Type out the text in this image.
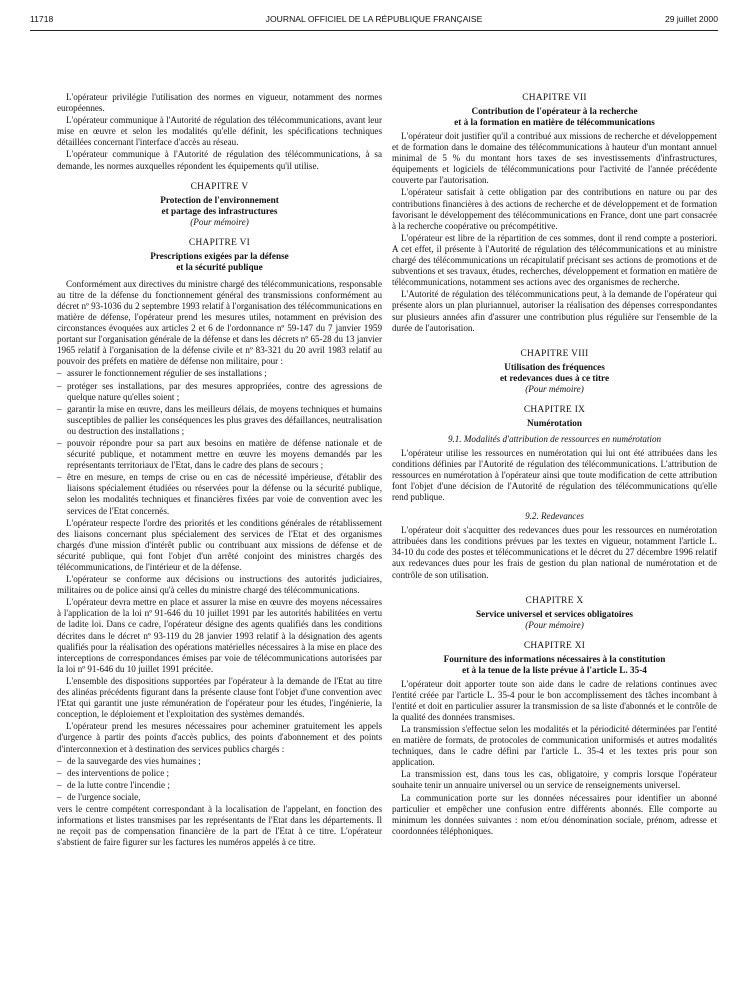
11718	JOURNAL OFFICIEL DE LA RÉPUBLIQUE FRANÇAISE	29 juillet 2000

L'opérateur privilégie l'utilisation des normes en vigueur, notamment des normes européennes.

L'opérateur communique à l'Autorité de régulation des télécommunications, avant leur mise en œuvre et selon les modalités qu'elle définit, les spécifications techniques détaillées concernant l'interface d'accès au réseau.

L'opérateur communique à l'Autorité de régulation des télécommunications, à sa demande, les normes auxquelles répondent les équipements qu'il utilise.

CHAPITRE V
Protection de l'environnement
et partage des infrastructures
(Pour mémoire)
CHAPITRE VI
Prescriptions exigées par la défense
et la sécurité publique

Conformément aux directives du ministre chargé des télécommunications, responsable au titre de la défense du fonctionnement général des transmissions conformément au décret nº 93-1036 du 2 septembre 1993 relatif à l'organisation des télécommunications en matière de défense, l'opérateur prend les mesures utiles, notamment en prévision des circonstances évoquées aux articles 2 et 6 de l'ordonnance nº 59-147 du 7 janvier 1959 portant sur l'organisation générale de la défense et dans les décrets nº 65-28 du 13 janvier 1965 relatif à l'organisation de la défense civile et nº 83-321 du 20 avril 1983 relatif au pouvoir des préfets en matière de défense non militaire, pour :

– assurer le fonctionnement régulier de ses installations ;

– protéger ses installations, par des mesures appropriées, contre des agressions de quelque nature qu'elles soient ;

– garantir la mise en œuvre, dans les meilleurs délais, de moyens techniques et humains susceptibles de pallier les conséquences les plus graves des défaillances, neutralisation ou destruction des installations ;

– pouvoir répondre pour sa part aux besoins en matière de défense nationale et de sécurité publique, et notamment mettre en œuvre les moyens demandés par les représentants territoriaux de l'Etat, dans le cadre des plans de secours ;

– être en mesure, en temps de crise ou en cas de nécessité impérieuse, d'établir des liaisons spécialement étudiées ou réservées pour la défense ou la sécurité publique, selon les modalités techniques et financières fixées par voie de convention avec les services de l'Etat concernés.

L'opérateur respecte l'ordre des priorités et les conditions générales de rétablissement des liaisons concernant plus spécialement des services de l'Etat et des organismes chargés d'une mission d'intérêt public ou contribuant aux missions de défense et de sécurité publique, qui font l'objet d'un arrêté conjoint des ministres chargés des télécommunications, de l'intérieur et de la défense.

L'opérateur se conforme aux décisions ou instructions des autorités judiciaires, militaires ou de police ainsi qu'à celles du ministre chargé des télécommunications.

L'opérateur devra mettre en place et assurer la mise en œuvre des moyens nécessaires à l'application de la loi nº 91-646 du 10 juillet 1991 par les autorités habilitées en vertu de ladite loi. Dans ce cadre, l'opérateur désigne des agents qualifiés dans les conditions décrites dans le décret nº 93-119 du 28 janvier 1993 relatif à la désignation des agents qualifiés pour la réalisation des opérations matérielles nécessaires à la mise en place des interceptions de correspondances émises par voie de télécommunications autorisées par la loi nº 91-646 du 10 juillet 1991 précitée.

L'ensemble des dispositions supportées par l'opérateur à la demande de l'Etat au titre des alinéas précédents figurant dans la présente clause font l'objet d'une convention avec l'Etat qui garantit une juste rémunération de l'opérateur pour les études, l'ingénierie, la conception, le déploiement et l'exploitation des systèmes demandés.

L'opérateur prend les mesures nécessaires pour acheminer gratuitement les appels d'urgence à partir des points d'accès publics, des points d'abonnement et des points d'interconnexion et à destination des services publics chargés :

– de la sauvegarde des vies humaines ;

– des interventions de police ;

– de la lutte contre l'incendie ;

– de l'urgence sociale,

vers le centre compétent correspondant à la localisation de l'appelant, en fonction des informations et listes transmises par les représentants de l'Etat dans les départements. Il ne reçoit pas de compensation financière de la part de l'Etat à ce titre. L'opérateur s'abstient de faire figurer sur les factures les numéros appelés à ce titre.

CHAPITRE VII
Contribution de l'opérateur à la recherche
et à la formation en matière de télécommunications

L'opérateur doit justifier qu'il a contribué aux missions de recherche et développement et de formation dans le domaine des télécommunications à hauteur d'un montant annuel minimal de 5 % du montant hors taxes de ses investissements d'infrastructures, équipements et logiciels de télécommunications pour l'activité de l'année précédente couverte par l'autorisation.

L'opérateur satisfait à cette obligation par des contributions en nature ou par des contributions financières à des actions de recherche et de développement et de formation favorisant le développement des télécommunications en France, dont une part consacrée à la recherche coopérative ou précompétitive.

L'opérateur est libre de la répartition de ces sommes, dont il rend compte a posteriori. A cet effet, il présente à l'Autorité de régulation des télécommunications et au ministre chargé des télécommunications un récapitulatif précisant ses actions de promotions et de subventions et ses travaux, études, recherches, développement et formation en matière de télécommunications, notamment ses actions avec des organismes de recherche.

L'Autorité de régulation des télécommunications peut, à la demande de l'opérateur qui présente alors un plan pluriannuel, autoriser la réalisation des dépenses correspondantes sur plusieurs années afin d'assurer une contribution plus régulière sur l'ensemble de la durée de l'autorisation.

CHAPITRE VIII
Utilisation des fréquences
et redevances dues à ce titre
(Pour mémoire)
CHAPITRE IX
Numérotation
9.1. Modalités d'attribution de ressources en numérotation

L'opérateur utilise les ressources en numérotation qui lui ont été attribuées dans les conditions définies par l'Autorité de régulation des télécommunications. L'attribution de ressources en numérotation à l'opérateur ainsi que toute modification de cette attribution font l'objet d'une décision de l'Autorité de régulation des télécommunications qu'elle rend publique.

9.2. Redevances

L'opérateur doit s'acquitter des redevances dues pour les ressources en numérotation attribuées dans les conditions prévues par les textes en vigueur, notamment l'article L. 34-10 du code des postes et télécommunications et le décret du 27 décembre 1996 relatif aux redevances dues pour les frais de gestion du plan national de numérotation et de contrôle de son utilisation.

CHAPITRE X
Service universel et services obligatoires
(Pour mémoire)
CHAPITRE XI
Fourniture des informations nécessaires à la constitution
et à la tenue de la liste prévue à l'article L. 35-4

L'opérateur doit apporter toute son aide dans le cadre de relations continues avec l'entité créée par l'article L. 35-4 pour le bon accomplissement des tâches incombant à l'entité et doit en particulier assurer la transmission de sa liste d'abonnés et le contrôle de la qualité des données transmises.

La transmission s'effectue selon les modalités et la périodicité déterminées par l'entité en matière de formats, de protocoles de communication uniformisés et autres modalités techniques, dans le cadre défini par l'article L. 35-4 et les textes pris pour son application.

La transmission est, dans tous les cas, obligatoire, y compris lorsque l'opérateur souhaite tenir un annuaire universel ou un service de renseignements universel.

La communication porte sur les données nécessaires pour identifier un abonné particulier et empêcher une confusion entre différents abonnés. Elle comporte au minimum les données suivantes : nom et/ou dénomination sociale, prénom, adresse et coordonnées téléphoniques.
